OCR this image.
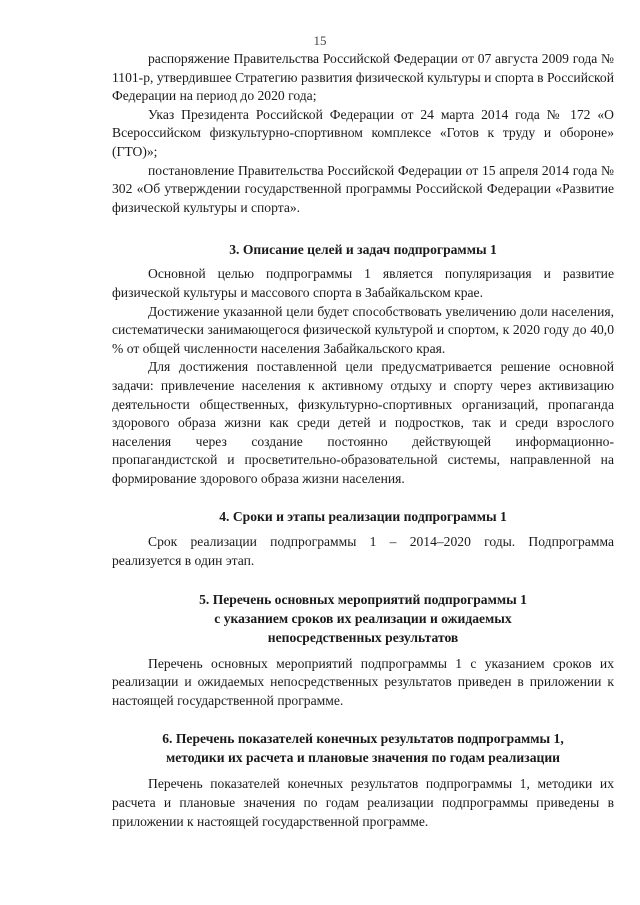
15

распоряжение Правительства Российской Федерации от 07 августа 2009 года № 1101-р, утвердившее Стратегию развития физической культуры и спорта в Российской Федерации на период до 2020 года;

Указ Президента Российской Федерации от 24 марта 2014 года № 172 «О Всероссийском физкультурно-спортивном комплексе «Готов к труду и обороне» (ГТО)»;

постановление Правительства Российской Федерации от 15 апреля 2014 года № 302 «Об утверждении государственной программы Российской Федерации «Развитие физической культуры и спорта».

3. Описание целей и задач подпрограммы 1

Основной целью подпрограммы 1 является популяризация и развитие физической культуры и массового спорта в Забайкальском крае.

Достижение указанной цели будет способствовать увеличению доли населения, систематически занимающегося физической культурой и спортом, к 2020 году до 40,0 % от общей численности населения Забайкальского края.

Для достижения поставленной цели предусматривается решение основной задачи: привлечение населения к активному отдыху и спорту через активизацию деятельности общественных, физкультурно-спортивных организаций, пропаганда здорового образа жизни как среди детей и подростков, так и среди взрослого населения через создание постоянно действующей информационно-пропагандистской и просветительно-образовательной системы, направленной на формирование здорового образа жизни населения.

4. Сроки и этапы реализации подпрограммы 1

Срок реализации подпрограммы 1 – 2014–2020 годы. Подпрограмма реализуется в один этап.

5. Перечень основных мероприятий подпрограммы 1
с указанием сроков их реализации и ожидаемых
непосредственных результатов

Перечень основных мероприятий подпрограммы 1 с указанием сроков их реализации и ожидаемых непосредственных результатов приведен в приложении к настоящей государственной программе.

6. Перечень показателей конечных результатов подпрограммы 1,
методики их расчета и плановые значения по годам реализации

Перечень показателей конечных результатов подпрограммы 1, методики их расчета и плановые значения по годам реализации подпрограммы приведены в приложении к настоящей государственной программе.
